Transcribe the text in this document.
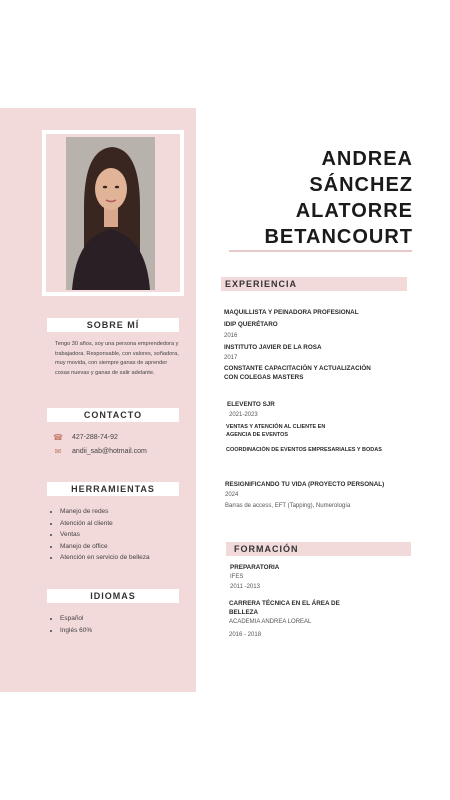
SOBRE MÍ
Tengo 30 años, soy una persona emprendedora y trabajadora. Responsable, con valores, soñadora, muy movida, con siempre ganas de aprender cosas nuevas y ganas de salir adelante.
CONTACTO
☎ 427-288-74-92
✉	andii_sab@hotmail.com
HERRAMIENTAS
• Manejo de redes
• Atención al cliente
• Ventas
• Manejo de office
• Atención en servicio de belleza
IDIOMAS
• Español
• Inglés 60%
ANDREA
SÁNCHEZ
ALATORRE
BETANCOURT
EXPERIENCIA
MAQUILLISTA Y PEINADORA PROFESIONAL
IDIP QUERÉTARO
2016
INSTITUTO JAVIER DE LA ROSA
2017
CONSTANTE CAPACITACIÓN Y ACTUALIZACIÓN CON COLEGAS MASTERS
ELEVENTO SJR
2021-2023
VENTAS Y ATENCIÓN AL CLIENTE EN AGENCIA DE EVENTOS
COORDINACIÓN DE EVENTOS EMPRESARIALES Y BODAS
RESIGNIFICANDO TU VIDA (PROYECTO PERSONAL)
2024
Barras de access, EFT (Tapping), Numerología
FORMACIÓN
PREPARATORIA
IFES
2011 -2013
CARRERA TÉCNICA EN EL ÁREA DE BELLEZA
ACADEMIA ANDREA LOREAL
2016 - 2018
